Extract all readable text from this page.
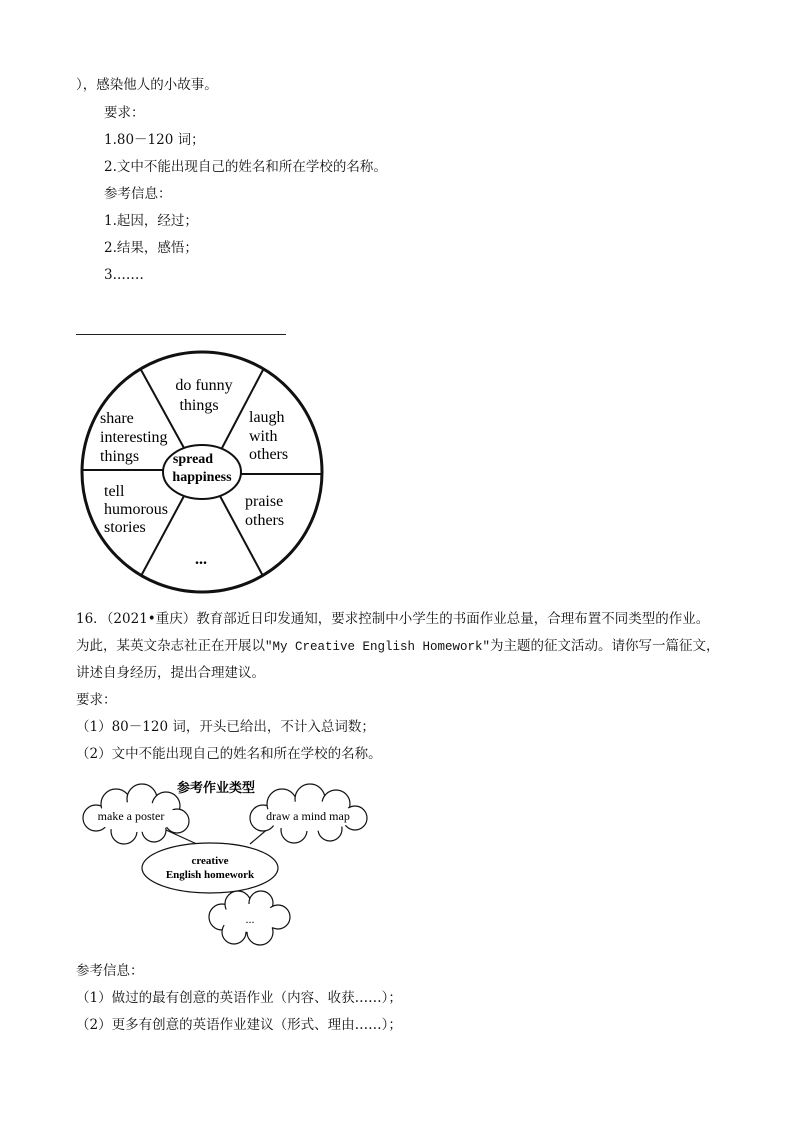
），感染他人的小故事。
要求：
1.80－120 词；
2.文中不能出现自己的姓名和所在学校的名称。
参考信息：
1.起因，经过；
2.结果，感悟；
3.……
spread
happiness
do funny
things
laugh
with
others
praise
others
...
tell
humorous
stories
share
interesting
things
16．（2021•重庆）教育部近日印发通知，要求控制中小学生的书面作业总量，合理布置不同类型的作业。
为此，某英文杂志社正在开展以"My Creative English Homework"为主题的征文活动。请你写一篇征文，
讲述自身经历，提出合理建议。
要求：
（1）80－120 词，开头已给出，不计入总词数；
（2）文中不能出现自己的姓名和所在学校的名称。
参考作业类型
make a poster	draw a mind map
creative
English homework
...
参考信息：
（1）做过的最有创意的英语作业（内容、收获……）；
（2）更多有创意的英语作业建议（形式、理由……）；
